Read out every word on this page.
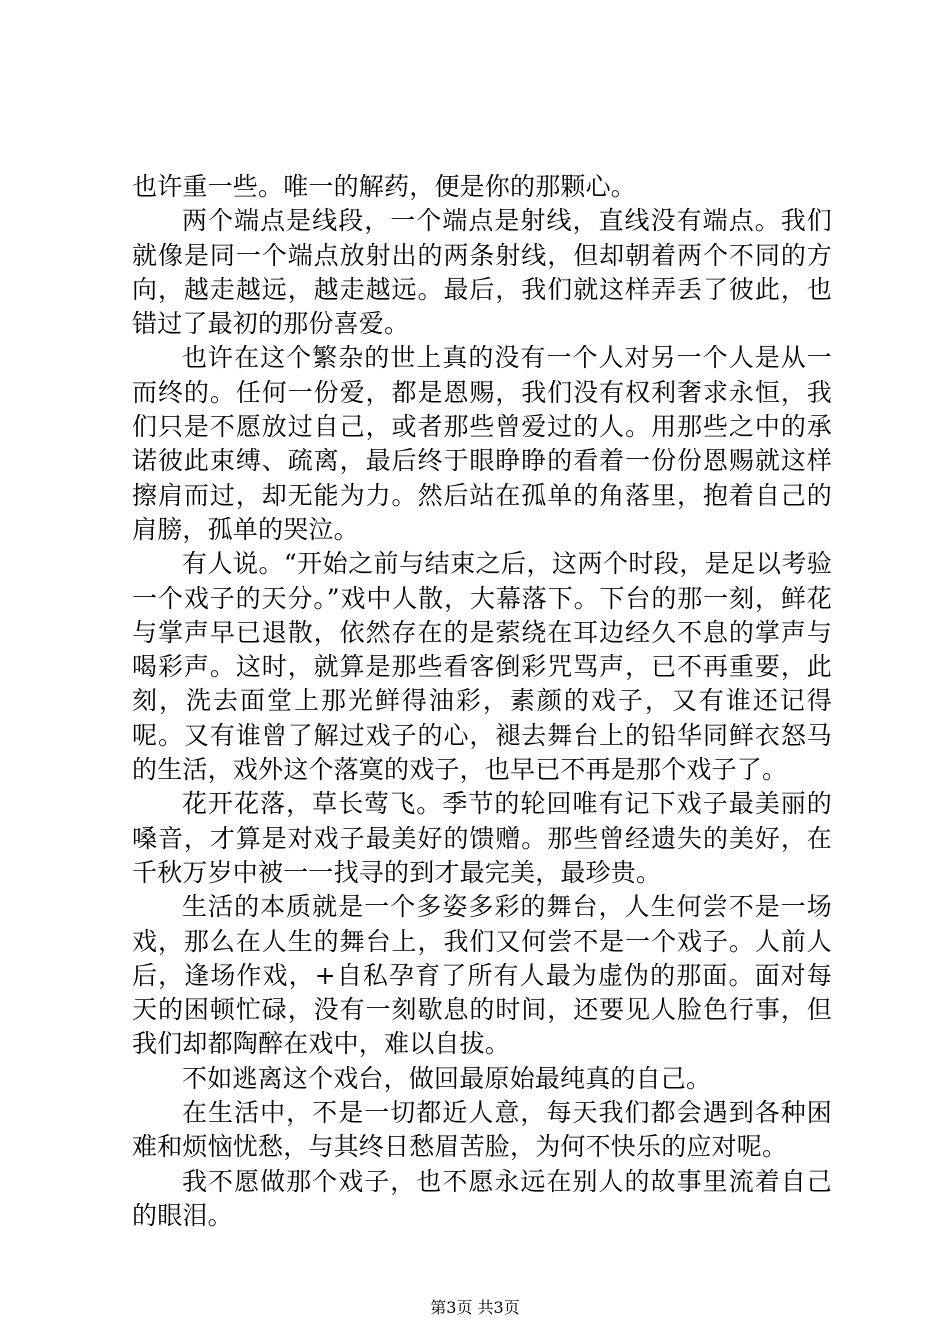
也许重一些。唯一的解药，便是你的那颗心。

两个端点是线段，一个端点是射线，直线没有端点。我们就像是同一个端点放射出的两条射线，但却朝着两个不同的方向，越走越远，越走越远。最后，我们就这样弄丢了彼此，也错过了最初的那份喜爱。

也许在这个繁杂的世上真的没有一个人对另一个人是从一而终的。任何一份爱，都是恩赐，我们没有权利奢求永恒，我们只是不愿放过自己，或者那些曾爱过的人。用那些之中的承诺彼此束缚、疏离，最后终于眼睁睁的看着一份份恩赐就这样擦肩而过，却无能为力。然后站在孤单的角落里，抱着自己的肩膀，孤单的哭泣。

有人说。“开始之前与结束之后，这两个时段，是足以考验一个戏子的天分。”戏中人散，大幕落下。下台的那一刻，鲜花与掌声早已退散，依然存在的是萦绕在耳边经久不息的掌声与喝彩声。这时，就算是那些看客倒彩咒骂声，已不再重要，此刻，洗去面堂上那光鲜得油彩，素颜的戏子，又有谁还记得呢。又有谁曾了解过戏子的心，褪去舞台上的铅华同鲜衣怒马的生活，戏外这个落寞的戏子，也早已不再是那个戏子了。

花开花落，草长莺飞。季节的轮回唯有记下戏子最美丽的嗓音，才算是对戏子最美好的馈赠。那些曾经遗失的美好，在千秋万岁中被一一找寻的到才最完美，最珍贵。

生活的本质就是一个多姿多彩的舞台，人生何尝不是一场戏，那么在人生的舞台上，我们又何尝不是一个戏子。人前人后，逢场作戏，+自私孕育了所有人最为虚伪的那面。面对每天的困顿忙碌，没有一刻歇息的时间，还要见人脸色行事，但我们却都陶醉在戏中，难以自拔。

不如逃离这个戏台，做回最原始最纯真的自己。

在生活中，不是一切都近人意，每天我们都会遇到各种困难和烦恼忧愁，与其终日愁眉苦脸，为何不快乐的应对呢。

我不愿做那个戏子，也不愿永远在别人的故事里流着自己的眼泪。

第3页 共3页
